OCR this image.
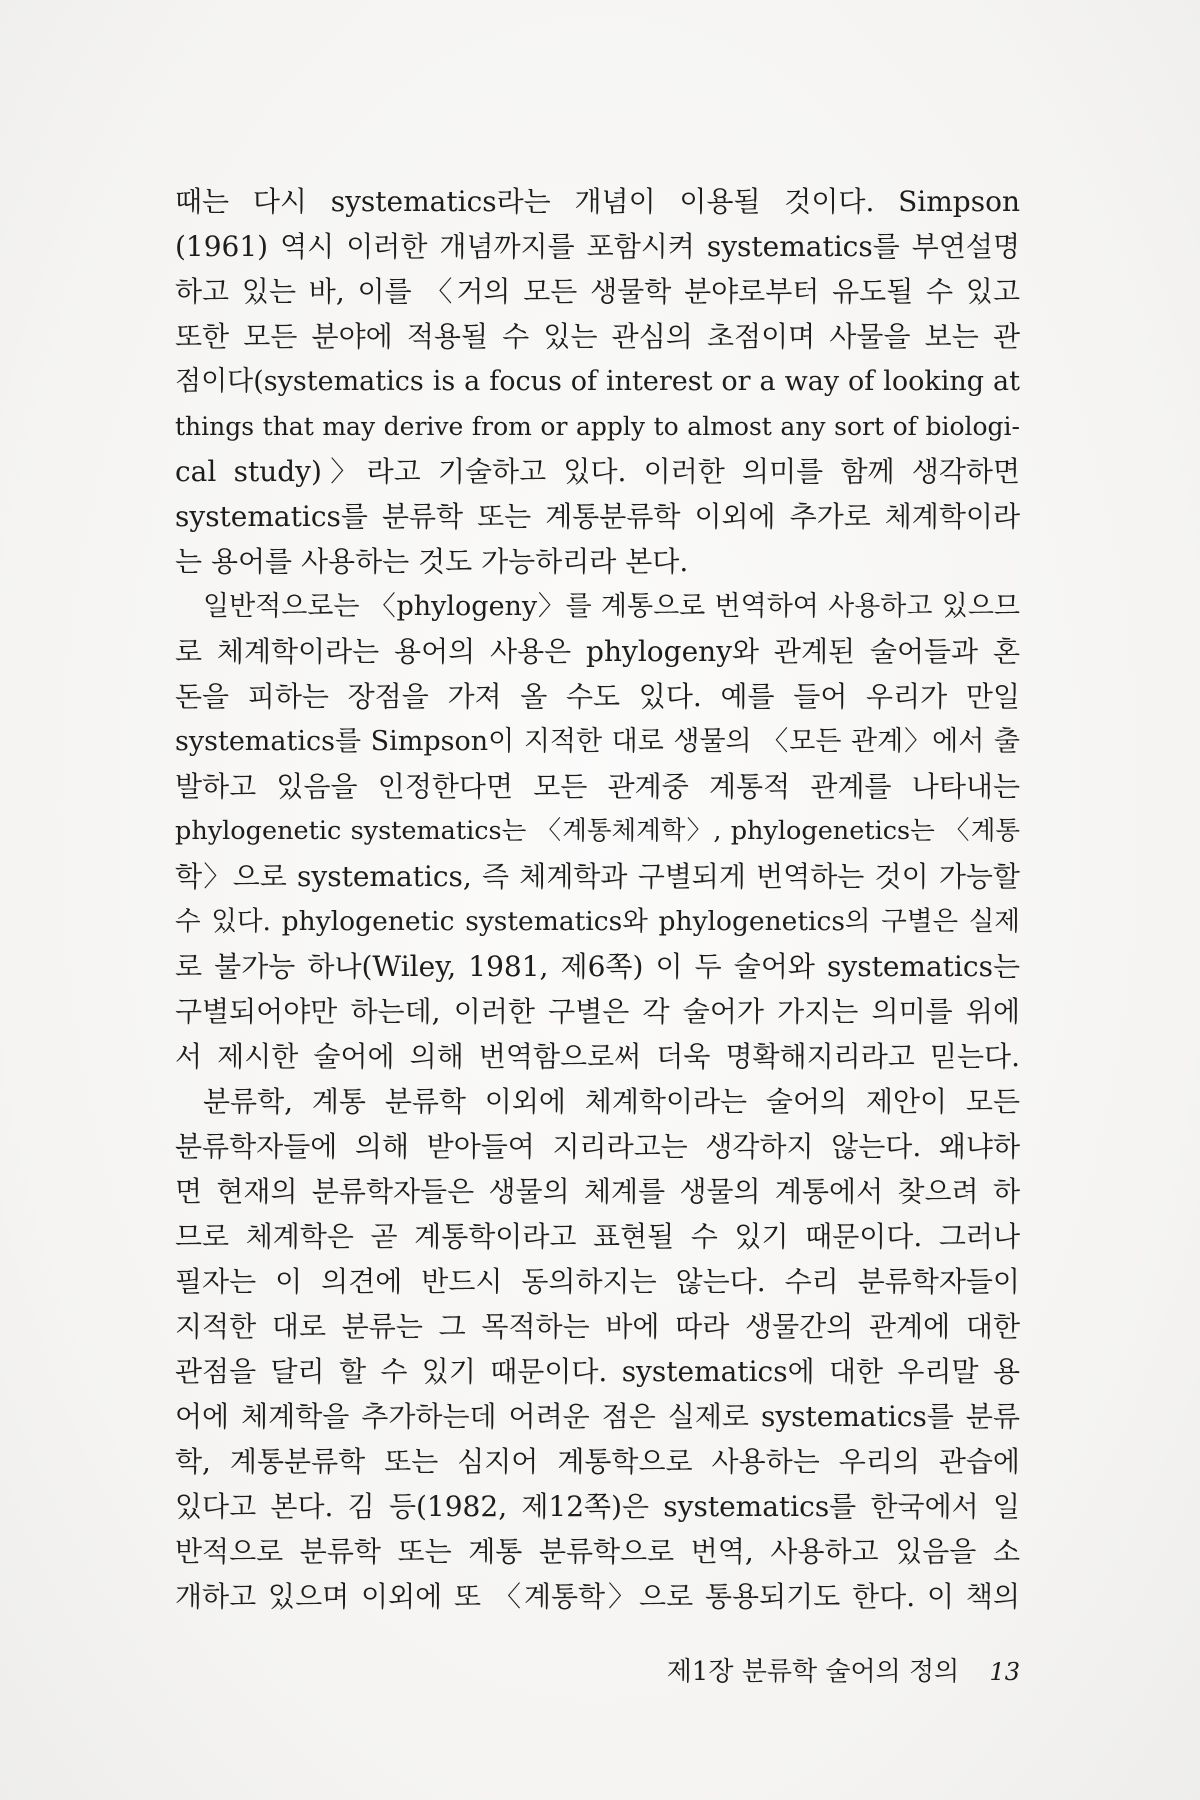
때는 다시 systematics라는 개념이 이용될 것이다. Simpson
(1961) 역시 이러한 개념까지를 포함시켜 systematics를 부연설명
하고 있는 바, 이를 〈거의 모든 생물학 분야로부터 유도될 수 있고
또한 모든 분야에 적용될 수 있는 관심의 초점이며 사물을 보는 관
점이다(systematics is a focus of interest or a way of looking at
things that may derive from or apply to almost any sort of biologi-
cal study)〉라고 기술하고 있다. 이러한 의미를 함께 생각하면
systematics를 분류학 또는 계통분류학 이외에 추가로 체계학이라
는 용어를 사용하는 것도 가능하리라 본다.
일반적으로는 〈phylogeny〉를 계통으로 번역하여 사용하고 있으므
로 체계학이라는 용어의 사용은 phylogeny와 관계된 술어들과 혼
돈을 피하는 장점을 가져 올 수도 있다. 예를 들어 우리가 만일
systematics를 Simpson이 지적한 대로 생물의 〈모든 관계〉에서 출
발하고 있음을 인정한다면 모든 관계중 계통적 관계를 나타내는
phylogenetic systematics는 〈계통체계학〉, phylogenetics는 〈계통
학〉으로 systematics, 즉 체계학과 구별되게 번역하는 것이 가능할
수 있다. phylogenetic systematics와 phylogenetics의 구별은 실제
로 불가능 하나(Wiley, 1981, 제6쪽) 이 두 술어와 systematics는
구별되어야만 하는데, 이러한 구별은 각 술어가 가지는 의미를 위에
서 제시한 술어에 의해 번역함으로써 더욱 명확해지리라고 믿는다.
분류학, 계통 분류학 이외에 체계학이라는 술어의 제안이 모든
분류학자들에 의해 받아들여 지리라고는 생각하지 않는다. 왜냐하
면 현재의 분류학자들은 생물의 체계를 생물의 계통에서 찾으려 하
므로 체계학은 곧 계통학이라고 표현될 수 있기 때문이다. 그러나
필자는 이 의견에 반드시 동의하지는 않는다. 수리 분류학자들이
지적한 대로 분류는 그 목적하는 바에 따라 생물간의 관계에 대한
관점을 달리 할 수 있기 때문이다. systematics에 대한 우리말 용
어에 체계학을 추가하는데 어려운 점은 실제로 systematics를 분류
학, 계통분류학 또는 심지어 계통학으로 사용하는 우리의 관습에
있다고 본다. 김 등(1982, 제12쪽)은 systematics를 한국에서 일
반적으로 분류학 또는 계통 분류학으로 번역, 사용하고 있음을 소
개하고 있으며 이외에 또 〈계통학〉으로 통용되기도 한다. 이 책의
제1장 분류학 술어의 정의 13
